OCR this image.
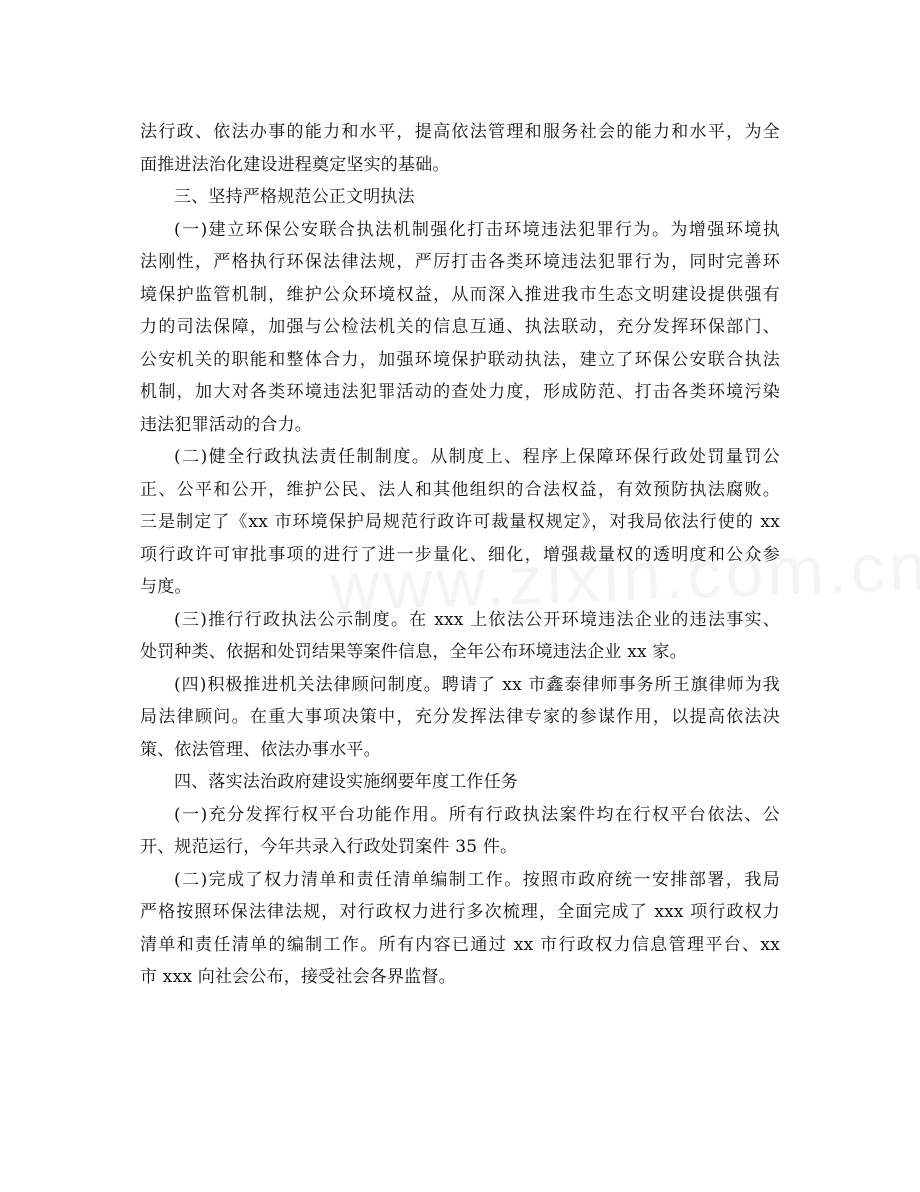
法行政、依法办事的能力和水平，提高依法管理和服务社会的能力和水平，为全
面推进法治化建设进程奠定坚实的基础。
三、坚持严格规范公正文明执法
(一)建立环保公安联合执法机制强化打击环境违法犯罪行为。为增强环境执
法刚性，严格执行环保法律法规，严厉打击各类环境违法犯罪行为，同时完善环
境保护监管机制，维护公众环境权益，从而深入推进我市生态文明建设提供强有
力的司法保障，加强与公检法机关的信息互通、执法联动，充分发挥环保部门、
公安机关的职能和整体合力，加强环境保护联动执法，建立了环保公安联合执法
机制，加大对各类环境违法犯罪活动的查处力度，形成防范、打击各类环境污染
违法犯罪活动的合力。
(二)健全行政执法责任制制度。从制度上、程序上保障环保行政处罚量罚公
正、公平和公开，维护公民、法人和其他组织的合法权益，有效预防执法腐败。
三是制定了《xx 市环境保护局规范行政许可裁量权规定》，对我局依法行使的 xx
项行政许可审批事项的进行了进一步量化、细化，增强裁量权的透明度和公众参
与度。
(三)推行行政执法公示制度。在 xxx 上依法公开环境违法企业的违法事实、
处罚种类、依据和处罚结果等案件信息，全年公布环境违法企业 xx 家。
(四)积极推进机关法律顾问制度。聘请了 xx 市鑫泰律师事务所王旗律师为我
局法律顾问。在重大事项决策中，充分发挥法律专家的参谋作用，以提高依法决
策、依法管理、依法办事水平。
四、落实法治政府建设实施纲要年度工作任务
(一)充分发挥行权平台功能作用。所有行政执法案件均在行权平台依法、公
开、规范运行，今年共录入行政处罚案件 35 件。
(二)完成了权力清单和责任清单编制工作。按照市政府统一安排部署，我局
严格按照环保法律法规，对行政权力进行多次梳理，全面完成了 xxx 项行政权力
清单和责任清单的编制工作。所有内容已通过 xx 市行政权力信息管理平台、xx
市 xxx 向社会公布，接受社会各界监督。
